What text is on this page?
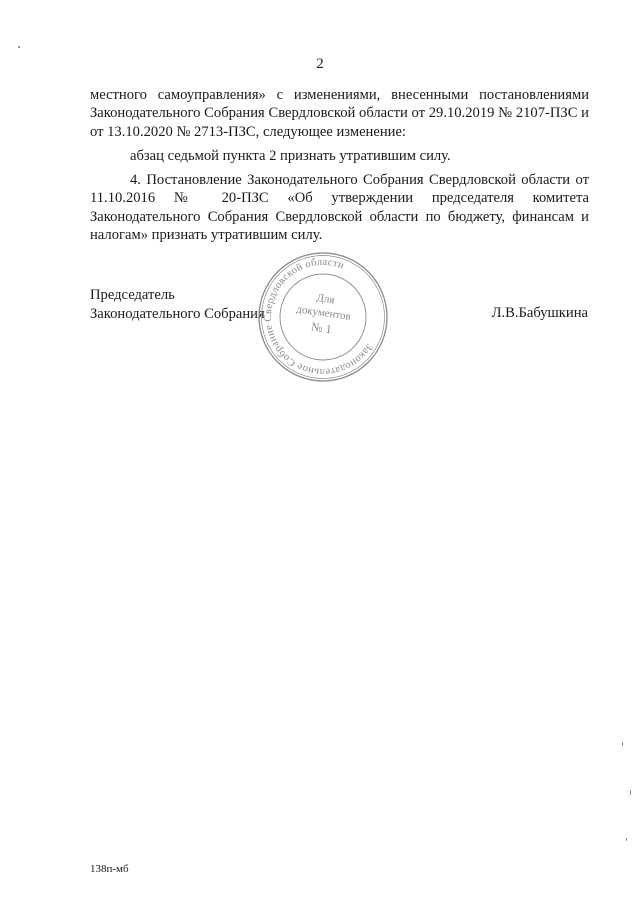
2
местного самоуправления» с изменениями, внесенными постановлениями Законодательного Собрания Свердловской области от 29.10.2019 № 2107-ПЗС и от 13.10.2020 № 2713-ПЗС, следующее изменение:
абзац седьмой пункта 2 признать утратившим силу.
4. Постановление Законодательного Собрания Свердловской области от 11.10.2016 № 20-ПЗС «Об утверждении председателя комитета Законодательного Собрания Свердловской области по бюджету, финансам и налогам» признать утратившим силу.
Председатель
Законодательного Собрания	Л.В.Бабушкина
Законодательное Собрание Свердловской области
Для
документов
№ 1
138п-мб
